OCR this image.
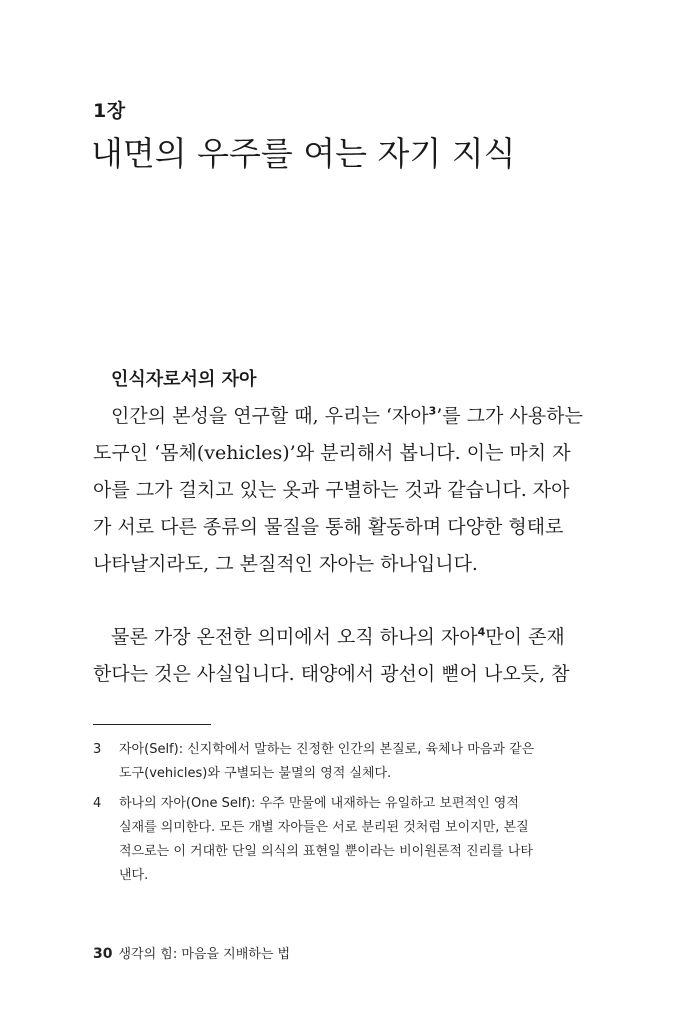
1장
내면의 우주를 여는 자기 지식
인식자로서의 자아
인간의 본성을 연구할 때, 우리는 ‘자아$^3$’를 그가 사용하는
도구인 ‘몸체(vehicles)’와 분리해서 봅니다. 이는 마치 자
아를 그가 걸치고 있는 옷과 구별하는 것과 같습니다. 자아
가 서로 다른 종류의 물질을 통해 활동하며 다양한 형태로
나타날지라도, 그 본질적인 자아는 하나입니다.
물론 가장 온전한 의미에서 오직 하나의 자아$^4$만이 존재
한다는 것은 사실입니다. 태양에서 광선이 뻗어 나오듯, 참
3 자아(Self): 신지학에서 말하는 진정한 인간의 본질로, 육체나 마음과 같은
도구(vehicles)와 구별되는 불멸의 영적 실체다.
4 하나의 자아(One Self): 우주 만물에 내재하는 유일하고 보편적인 영적
실재를 의미한다. 모든 개별 자아들은 서로 분리된 것처럼 보이지만, 본질
적으로는 이 거대한 단일 의식의 표현일 뿐이라는 비이원론적 진리를 나타
낸다.
30 생각의 힘: 마음을 지배하는 법
